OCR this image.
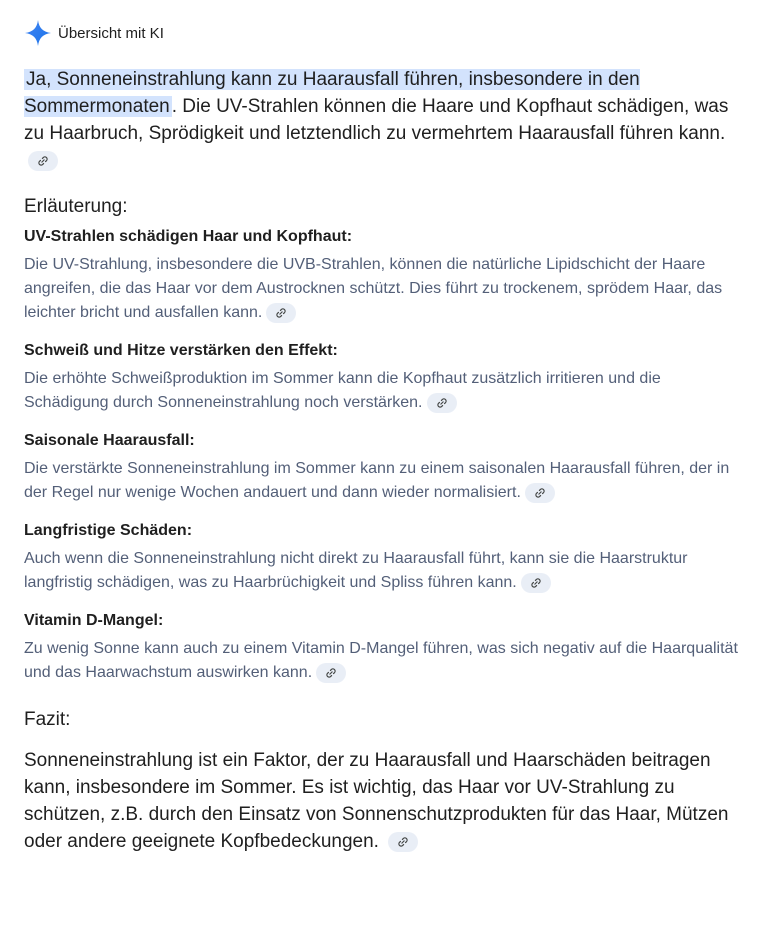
Übersicht mit KI

Ja, Sonneneinstrahlung kann zu Haarausfall führen, insbesondere in den Sommermonaten . Die UV-Strahlen können die Haare und Kopfhaut schädigen, was zu Haarbruch, Sprödigkeit und letztendlich zu vermehrtem Haarausfall führen kann.

Erläuterung:
UV-Strahlen schädigen Haar und Kopfhaut:

Die UV-Strahlung, insbesondere die UVB-Strahlen, können die natürliche Lipidschicht der Haare angreifen, die das Haar vor dem Austrocknen schützt. Dies führt zu trockenem, sprödem Haar, das leichter bricht und ausfallen kann.

Schweiß und Hitze verstärken den Effekt:

Die erhöhte Schweißproduktion im Sommer kann die Kopfhaut zusätzlich irritieren und die Schädigung durch Sonneneinstrahlung noch verstärken.

Saisonale Haarausfall:

Die verstärkte Sonneneinstrahlung im Sommer kann zu einem saisonalen Haarausfall führen, der in der Regel nur wenige Wochen andauert und dann wieder normalisiert.

Langfristige Schäden:

Auch wenn die Sonneneinstrahlung nicht direkt zu Haarausfall führt, kann sie die Haarstruktur langfristig schädigen, was zu Haarbrüchigkeit und Spliss führen kann.

Vitamin D-Mangel:

Zu wenig Sonne kann auch zu einem Vitamin D-Mangel führen, was sich negativ auf die Haarqualität und das Haarwachstum auswirken kann.

Fazit:

Sonneneinstrahlung ist ein Faktor, der zu Haarausfall und Haarschäden beitragen kann, insbesondere im Sommer. Es ist wichtig, das Haar vor UV-Strahlung zu schützen, z.B. durch den Einsatz von Sonnenschutzprodukten für das Haar, Mützen oder andere geeignete Kopfbedeckungen.
